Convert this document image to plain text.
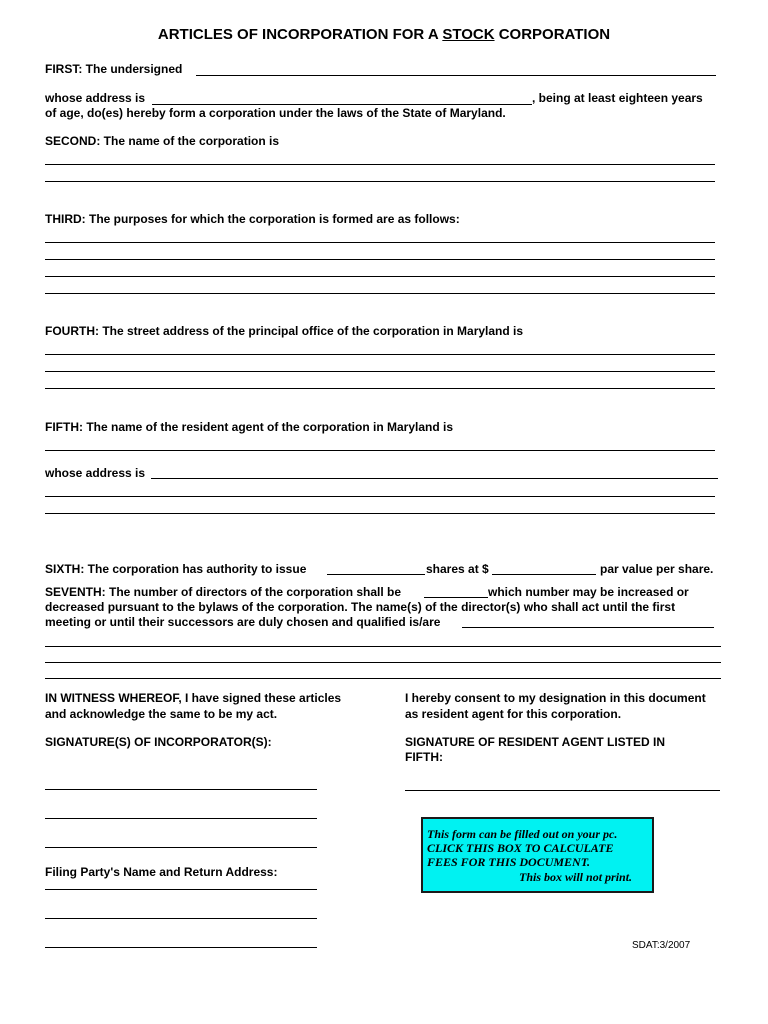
ARTICLES OF INCORPORATION FOR A STOCK CORPORATION
FIRST: The undersigned
whose address is	, being at least eighteen years
of age, do(es) hereby form a corporation under the laws of the State of Maryland.
SECOND: The name of the corporation is
THIRD: The purposes for which the corporation is formed are as follows:
FOURTH: The street address of the principal office of the corporation in Maryland is
FIFTH: The name of the resident agent of the corporation in Maryland is
whose address is
SIXTH: The corporation has authority to issue	shares at $	par value per share.
SEVENTH: The number of directors of the corporation shall be	which number may be increased or
decreased pursuant to the bylaws of the corporation. The name(s) of the director(s) who shall act until the first
meeting or until their successors are duly chosen and qualified is/are
IN WITNESS WHEREOF, I have signed these articles
and acknowledge the same to be my act.
I hereby consent to my designation in this document
as resident agent for this corporation.
SIGNATURE(S) OF INCORPORATOR(S):	SIGNATURE OF RESIDENT AGENT LISTED IN
FIFTH:
Filing Party's Name and Return Address:
This form can be filled out on your pc.
CLICK THIS BOX TO CALCULATE
FEES FOR THIS DOCUMENT.
This box will not print.
SDAT:3/2007
